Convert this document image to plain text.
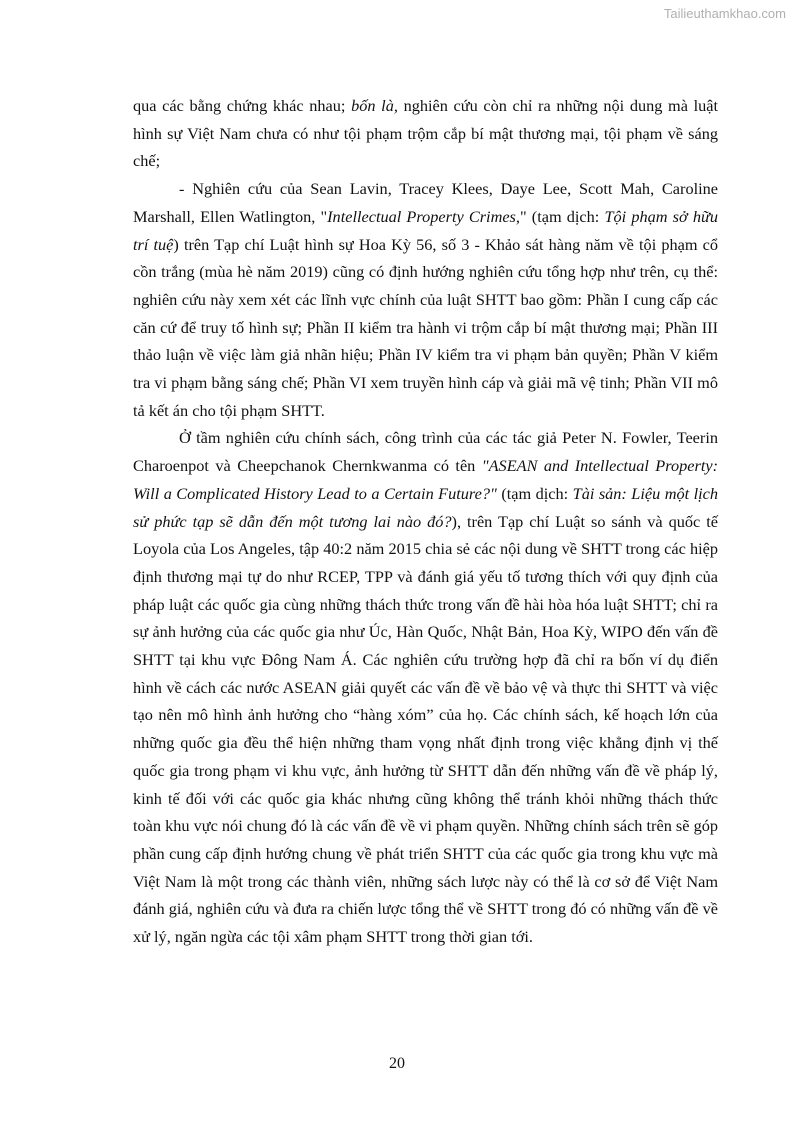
Tailieuthamkhao.com

qua các bằng chứng khác nhau; bốn là, nghiên cứu còn chỉ ra những nội dung mà luật hình sự Việt Nam chưa có như tội phạm trộm cắp bí mật thương mại, tội phạm về sáng chế;

- Nghiên cứu của Sean Lavin, Tracey Klees, Daye Lee, Scott Mah, Caroline Marshall, Ellen Watlington, "Intellectual Property Crimes," (tạm dịch: Tội phạm sở hữu trí tuệ) trên Tạp chí Luật hình sự Hoa Kỳ 56, số 3 - Khảo sát hàng năm về tội phạm cổ cồn trắng (mùa hè năm 2019) cũng có định hướng nghiên cứu tổng hợp như trên, cụ thể: nghiên cứu này xem xét các lĩnh vực chính của luật SHTT bao gồm: Phần I cung cấp các căn cứ để truy tố hình sự; Phần II kiểm tra hành vi trộm cắp bí mật thương mại; Phần III thảo luận về việc làm giả nhãn hiệu; Phần IV kiểm tra vi phạm bản quyền; Phần V kiểm tra vi phạm bằng sáng chế; Phần VI xem truyền hình cáp và giải mã vệ tinh; Phần VII mô tả kết án cho tội phạm SHTT.

Ở tầm nghiên cứu chính sách, công trình của các tác giả Peter N. Fowler, Teerin Charoenpot và Cheepchanok Chernkwanma có tên "ASEAN and Intellectual Property: Will a Complicated History Lead to a Certain Future?" (tạm dịch: Tài sản: Liệu một lịch sử phức tạp sẽ dẫn đến một tương lai nào đó?), trên Tạp chí Luật so sánh và quốc tế Loyola của Los Angeles, tập 40:2 năm 2015 chia sẻ các nội dung về SHTT trong các hiệp định thương mại tự do như RCEP, TPP và đánh giá yếu tố tương thích với quy định của pháp luật các quốc gia cùng những thách thức trong vấn đề hài hòa hóa luật SHTT; chỉ ra sự ảnh hưởng của các quốc gia như Úc, Hàn Quốc, Nhật Bản, Hoa Kỳ, WIPO đến vấn đề SHTT tại khu vực Đông Nam Á. Các nghiên cứu trường hợp đã chỉ ra bốn ví dụ điển hình về cách các nước ASEAN giải quyết các vấn đề về bảo vệ và thực thi SHTT và việc tạo nên mô hình ảnh hưởng cho “hàng xóm” của họ. Các chính sách, kế hoạch lớn của những quốc gia đều thể hiện những tham vọng nhất định trong việc khẳng định vị thế quốc gia trong phạm vi khu vực, ảnh hưởng từ SHTT dẫn đến những vấn đề về pháp lý, kinh tế đối với các quốc gia khác nhưng cũng không thể tránh khỏi những thách thức toàn khu vực nói chung đó là các vấn đề về vi phạm quyền. Những chính sách trên sẽ góp phần cung cấp định hướng chung về phát triển SHTT của các quốc gia trong khu vực mà Việt Nam là một trong các thành viên, những sách lược này có thể là cơ sở để Việt Nam đánh giá, nghiên cứu và đưa ra chiến lược tổng thể về SHTT trong đó có những vấn đề về xử lý, ngăn ngừa các tội xâm phạm SHTT trong thời gian tới.

20
